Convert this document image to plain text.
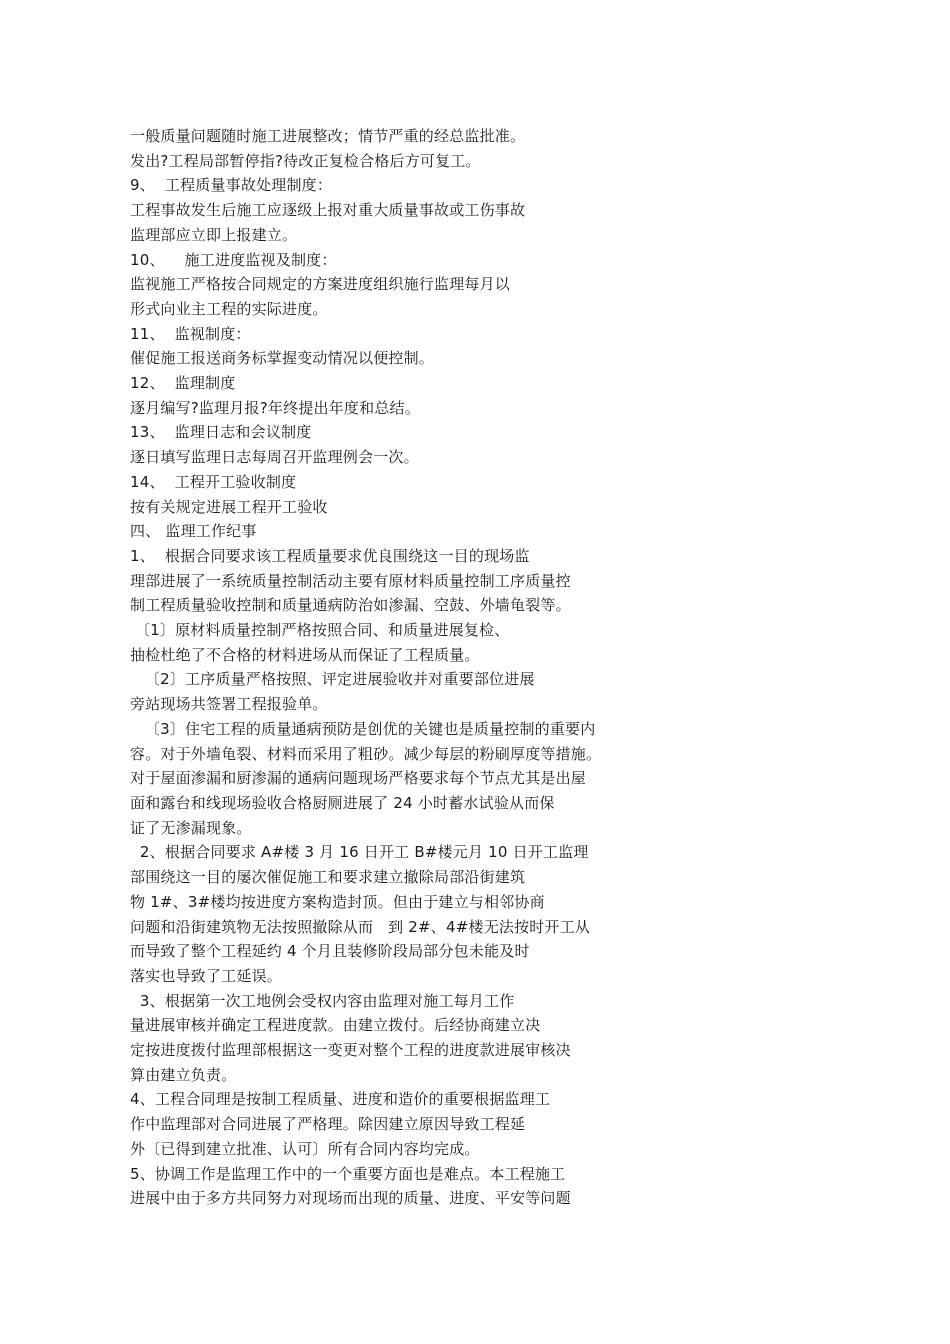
一般质量问题随时施工进展整改；情节严重的经总监批准。
发出?工程局部暂停指?待改正复检合格后方可复工。
9、  工程质量事故处理制度：
工程事故发生后施工应逐级上报对重大质量事故或工伤事故
监理部应立即上报建立。
10、    施工进度监视及制度：
监视施工严格按合同规定的方案进度组织施行监理每月以
形式向业主工程的实际进度。
11、  监视制度：
催促施工报送商务标掌握变动情况以便控制。
12、  监理制度
逐月编写?监理月报?年终提出年度和总结。
13、  监理日志和会议制度
逐日填写监理日志每周召开监理例会一次。
14、  工程开工验收制度
按有关规定进展工程开工验收
四、 监理工作纪事
1、  根据合同要求该工程质量要求优良围绕这一目的现场监
理部进展了一系统质量控制活动主要有原材料质量控制工序质量控
制工程质量验收控制和质量通病防治如渗漏、空鼓、外墙龟裂等。
〔1〕原材料质量控制严格按照合同、和质量进展复检、
抽检杜绝了不合格的材料进场从而保证了工程质量。
〔2〕工序质量严格按照、评定进展验收并对重要部位进展
旁站现场共签署工程报验单。
〔3〕住宅工程的质量通病预防是创优的关键也是质量控制的重要内
容。对于外墙龟裂、材料而采用了粗砂。减少每层的粉刷厚度等措施。
对于屋面渗漏和厨渗漏的通病问题现场严格要求每个节点尤其是出屋
面和露台和线现场验收合格厨厕进展了 24 小时蓄水试验从而保
证了无渗漏现象。
2、根据合同要求 A#楼 3 月 16 日开工 B#楼元月 10 日开工监理
部围绕这一目的屡次催促施工和要求建立撤除局部沿街建筑
物 1#、3#楼均按进度方案构造封顶。但由于建立与相邻协商
问题和沿街建筑物无法按照撤除从而   到 2#、4#楼无法按时开工从
而导致了整个工程延约 4 个月且装修阶段局部分包未能及时
落实也导致了工延误。
3、根据第一次工地例会受权内容由监理对施工每月工作
量进展审核并确定工程进度款。由建立拨付。后经协商建立决
定按进度拨付监理部根据这一变更对整个工程的进度款进展审核决
算由建立负责。
4、工程合同理是按制工程质量、进度和造价的重要根据监理工
作中监理部对合同进展了严格理。除因建立原因导致工程延
外〔已得到建立批准、认可〕所有合同内容均完成。
5、协调工作是监理工作中的一个重要方面也是难点。本工程施工
进展中由于多方共同努力对现场而出现的质量、进度、平安等问题
